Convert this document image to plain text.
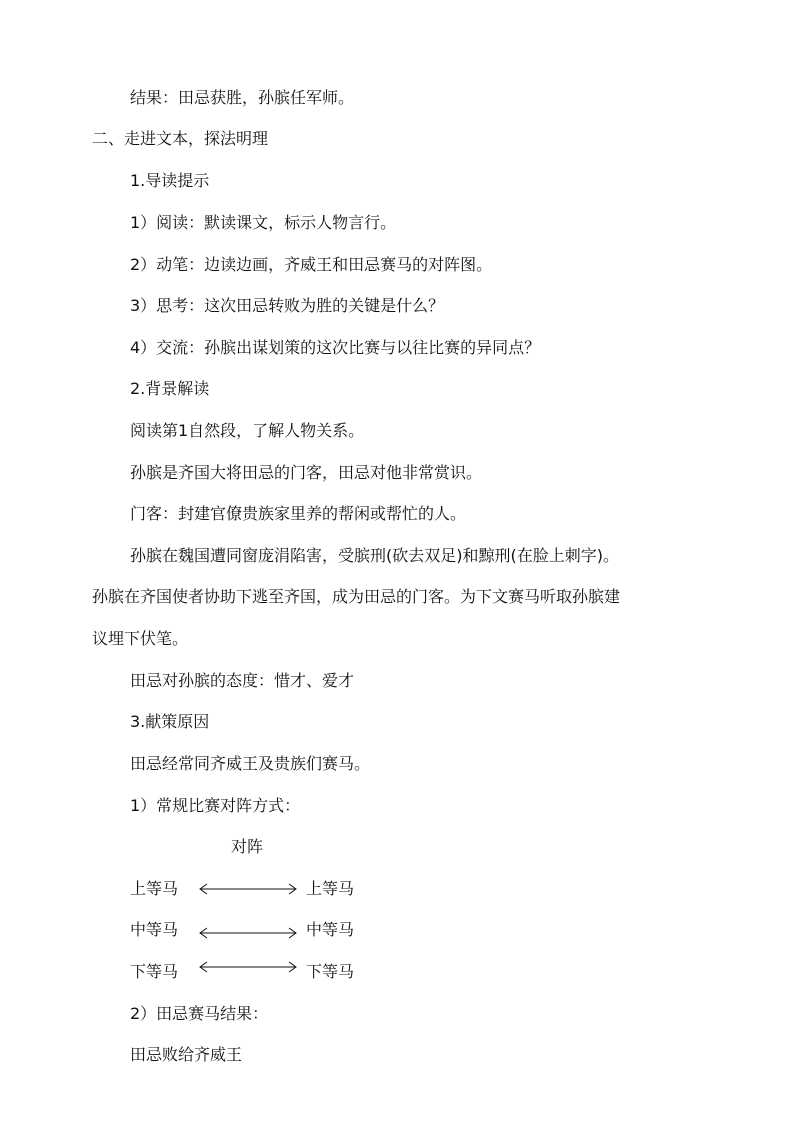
结果：田忌获胜，孙膑任军师。
二、走进文本，探法明理
1.导读提示
1）阅读：默读课文，标示人物言行。
2）动笔：边读边画，齐威王和田忌赛马的对阵图。
3）思考：这次田忌转败为胜的关键是什么？
4）交流：孙膑出谋划策的这次比赛与以往比赛的异同点？
2.背景解读
阅读第1自然段，了解人物关系。
孙膑是齐国大将田忌的门客，田忌对他非常赏识。
门客：封建官僚贵族家里养的帮闲或帮忙的人。
孙膑在魏国遭同窗庞涓陷害，受膑刑(砍去双足)和黥刑(在脸上刺字)。
孙膑在齐国使者协助下逃至齐国，成为田忌的门客。为下文赛马听取孙膑建
议埋下伏笔。
田忌对孙膑的态度：惜才、爱才
3.献策原因
田忌经常同齐威王及贵族们赛马。
1）常规比赛对阵方式：
对阵
上等马	上等马
中等马	中等马
下等马	下等马
2）田忌赛马结果：
田忌败给齐威王
